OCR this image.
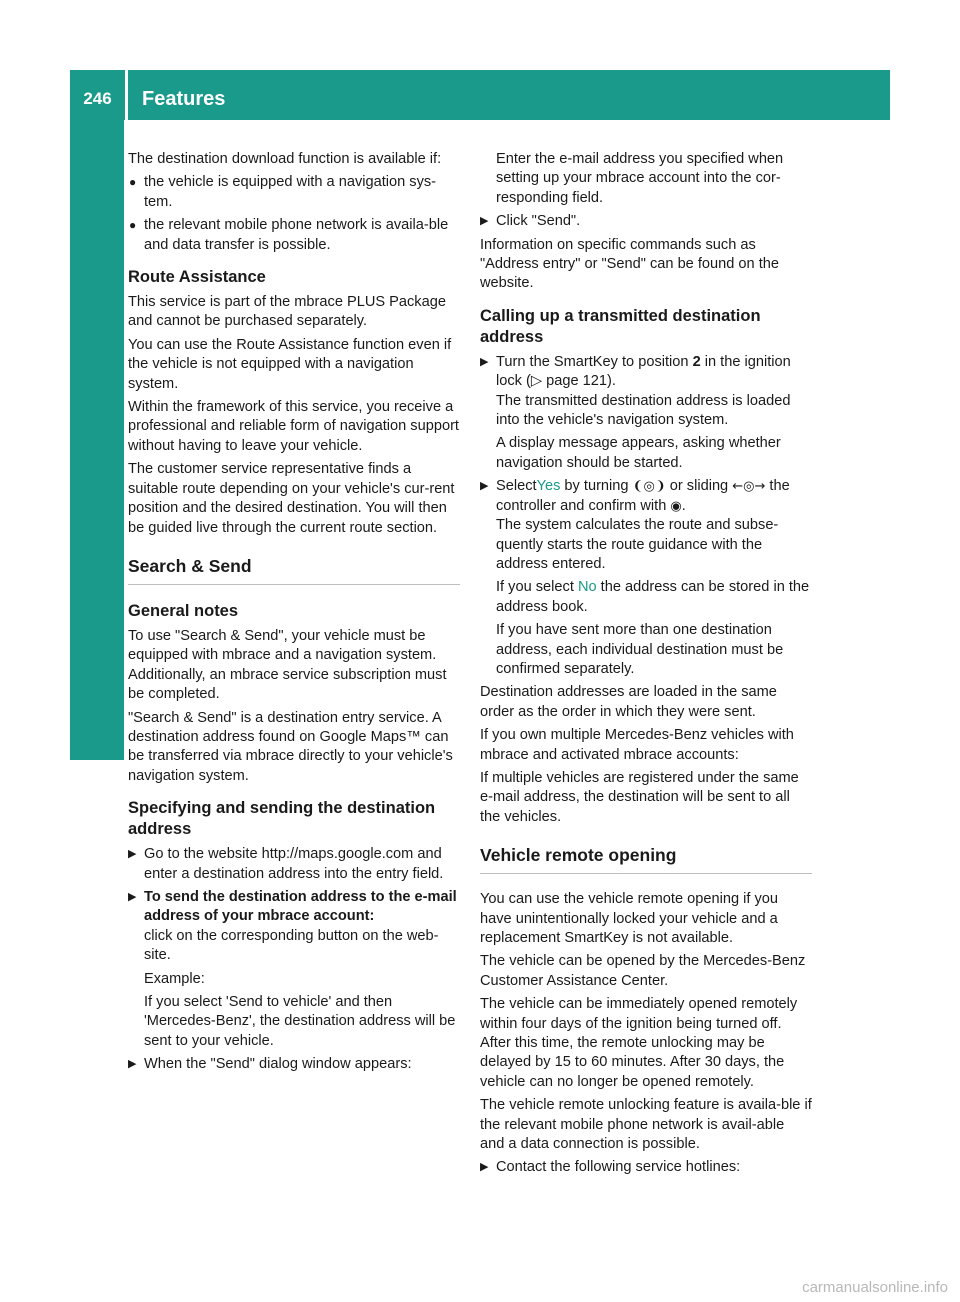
246	Features
Stowage and features

The destination download function is available if:

● the vehicle is equipped with a navigation sys-tem.
● the relevant mobile phone network is availa-ble and data transfer is possible.
Route Assistance

This service is part of the mbrace PLUS Package and cannot be purchased separately.

You can use the Route Assistance function even if the vehicle is not equipped with a navigation system.

Within the framework of this service, you receive a professional and reliable form of navigation support without having to leave your vehicle.

The customer service representative finds a suitable route depending on your vehicle's cur-rent position and the desired destination. You will then be guided live through the current route section.

Search & Send
General notes

To use "Search & Send", your vehicle must be equipped with mbrace and a navigation system. Additionally, an mbrace service subscription must be completed.

"Search & Send" is a destination entry service. A destination address found on Google Maps™ can be transferred via mbrace directly to your vehicle's navigation system.

Specifying and sending the destination address
▶ Go to the website http://maps.google.com and enter a destination address into the entry field.
▶ To send the destination address to the e-mail address of your mbrace account:
click on the corresponding button on the web-site.

Example:

If you select 'Send to vehicle' and then 'Mercedes-Benz', the destination address will be sent to your vehicle.

▶ When the "Send" dialog window appears:

Enter the e-mail address you specified when setting up your mbrace account into the cor-responding field.

▶ Click "Send".

Information on specific commands such as "Address entry" or "Send" can be found on the website.

Calling up a transmitted destination address
▶ Turn the SmartKey to position 2 in the ignition lock (▷ page 121).
The transmitted destination address is loaded into the vehicle's navigation system.

A display message appears, asking whether navigation should be started.

▶ SelectYes by turning ❨◎❩ or sliding ←◎→ the controller and confirm with ◉.
The system calculates the route and subse-quently starts the route guidance with the address entered.

If you select No the address can be stored in the address book.

If you have sent more than one destination address, each individual destination must be confirmed separately.

Destination addresses are loaded in the same order as the order in which they were sent.

If you own multiple Mercedes-Benz vehicles with mbrace and activated mbrace accounts:

If multiple vehicles are registered under the same e-mail address, the destination will be sent to all the vehicles.

Vehicle remote opening

You can use the vehicle remote opening if you have unintentionally locked your vehicle and a replacement SmartKey is not available.

The vehicle can be opened by the Mercedes-Benz Customer Assistance Center.

The vehicle can be immediately opened remotely within four days of the ignition being turned off. After this time, the remote unlocking may be delayed by 15 to 60 minutes. After 30 days, the vehicle can no longer be opened remotely.

The vehicle remote unlocking feature is availa-ble if the relevant mobile phone network is avail-able and a data connection is possible.

▶ Contact the following service hotlines:
carmanualsonline.info
